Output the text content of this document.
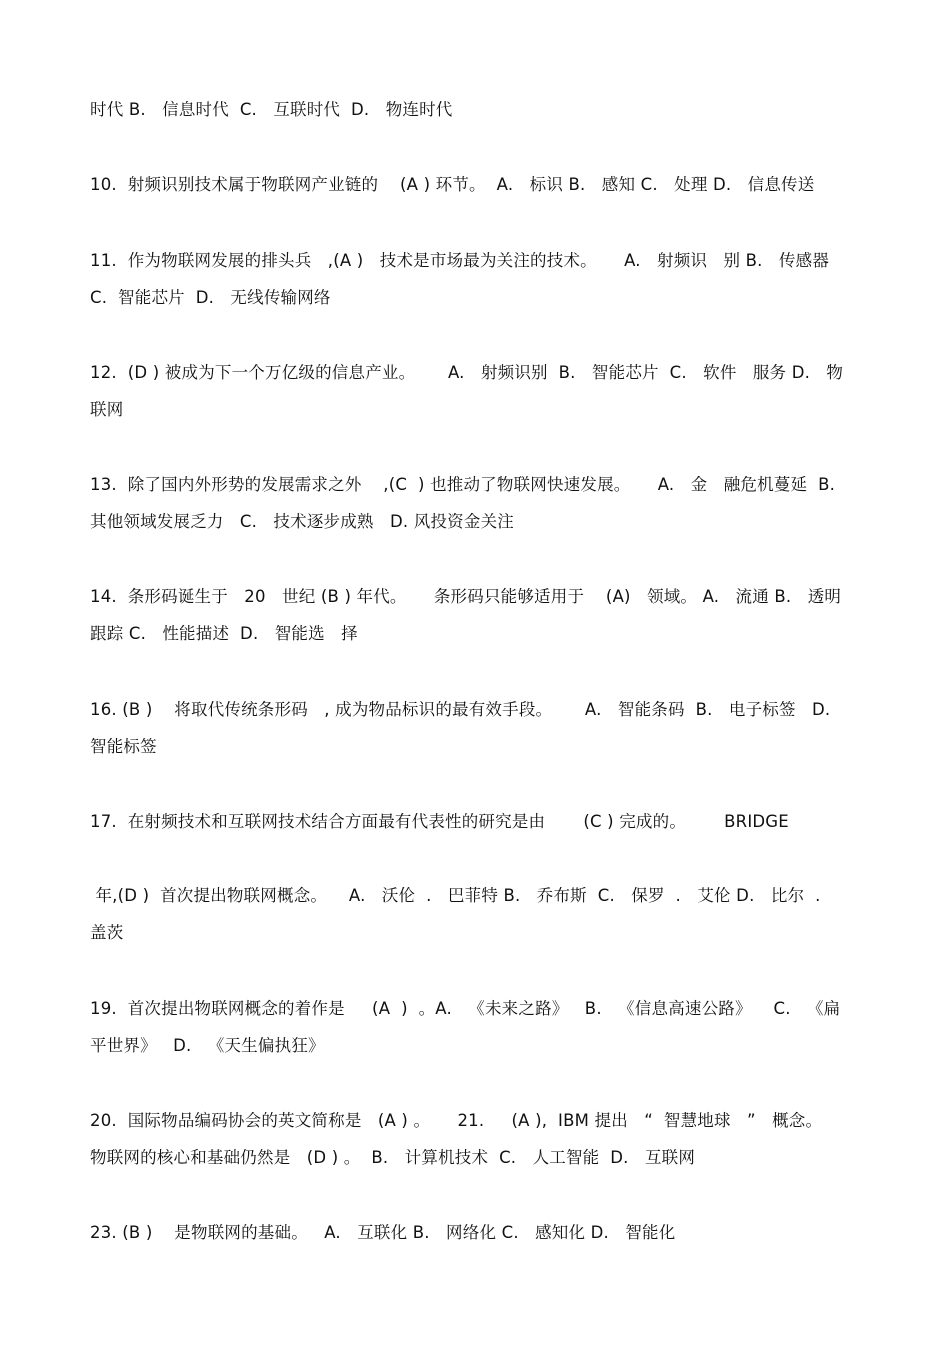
时代 B.   信息时代  C.   互联时代  D.   物连时代
10.  射频识别技术属于物联网产业链的    (A ) 环节。  A.   标识 B.   感知 C.   处理 D.   信息传送
11.  作为物联网发展的排头兵   ,(A )   技术是市场最为关注的技术。     A.   射频识   别 B.   传感器
C.  智能芯片  D.   无线传输网络
12.  (D ) 被成为下一个万亿级的信息产业。      A.   射频识别  B.   智能芯片  C.   软件   服务 D.   物
联网
13.  除了国内外形势的发展需求之外    ,(C  ) 也推动了物联网快速发展。     A.   金   融危机蔓延  B.
其他领域发展乏力   C.   技术逐步成熟   D. 风投资金关注
14.  条形码诞生于   20   世纪 (B ) 年代。     条形码只能够适用于    (A)   领域。 A.   流通 B.   透明
跟踪 C.   性能描述  D.   智能选   择
16. (B )    将取代传统条形码   , 成为物品标识的最有效手段。      A.   智能条码  B.   电子标签   D.
智能标签
17.  在射频技术和互联网技术结合方面最有代表性的研究是由       (C ) 完成的。       BRIDGE
年,(D )  首次提出物联网概念。    A.   沃伦  .   巴菲特 B.   乔布斯  C.   保罗  .   艾伦 D.   比尔  .
盖茨
19.  首次提出物联网概念的着作是     (A  )  。A.   《未来之路》   B.   《信息高速公路》    C.   《扁
平世界》   D.   《天生偏执狂》
20.  国际物品编码协会的英文简称是   (A ) 。     21.     (A ),  IBM 提出   “  智慧地球   ”   概念。
物联网的核心和基础仍然是   (D ) 。  B.   计算机技术  C.   人工智能  D.   互联网
23. (B )    是物联网的基础。   A.   互联化 B.   网络化 C.   感知化 D.   智能化
